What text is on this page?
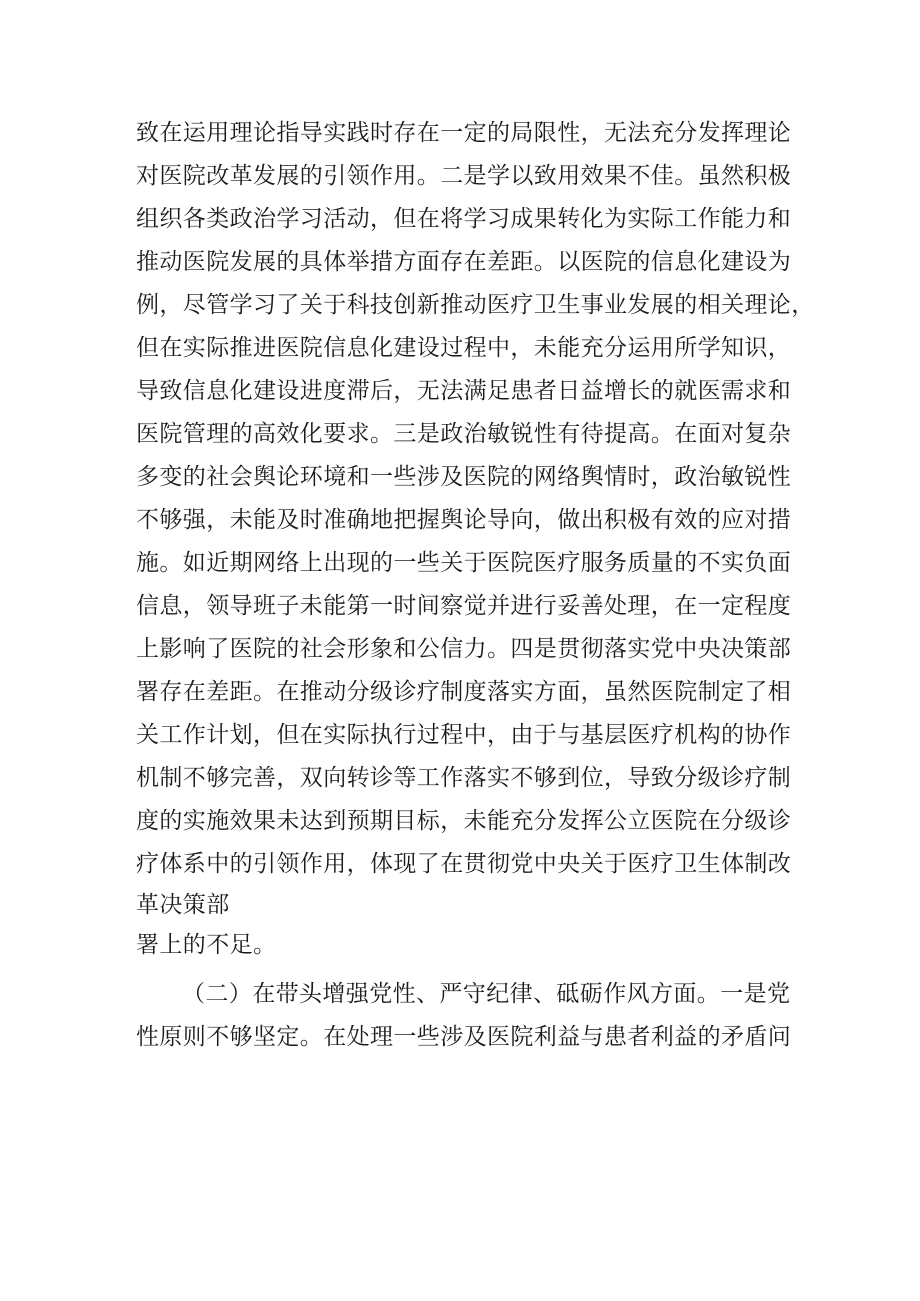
致在运用理论指导实践时存在一定的局限性，无法充分发挥理论
对医院改革发展的引领作用。二是学以致用效果不佳。虽然积极
组织各类政治学习活动，但在将学习成果转化为实际工作能力和
推动医院发展的具体举措方面存在差距。以医院的信息化建设为
例，尽管学习了关于科技创新推动医疗卫生事业发展的相关理论，
但在实际推进医院信息化建设过程中，未能充分运用所学知识，
导致信息化建设进度滞后，无法满足患者日益增长的就医需求和
医院管理的高效化要求。三是政治敏锐性有待提高。在面对复杂
多变的社会舆论环境和一些涉及医院的网络舆情时，政治敏锐性
不够强，未能及时准确地把握舆论导向，做出积极有效的应对措
施。如近期网络上出现的一些关于医院医疗服务质量的不实负面
信息，领导班子未能第一时间察觉并进行妥善处理，在一定程度
上影响了医院的社会形象和公信力。四是贯彻落实党中央决策部
署存在差距。在推动分级诊疗制度落实方面，虽然医院制定了相
关工作计划，但在实际执行过程中，由于与基层医疗机构的协作
机制不够完善，双向转诊等工作落实不够到位，导致分级诊疗制
度的实施效果未达到预期目标，未能充分发挥公立医院在分级诊
疗体系中的引领作用，体现了在贯彻党中央关于医疗卫生体制改
革决策部
署上的不足。
（二）在带头增强党性、严守纪律、砥砺作风方面。一是党
性原则不够坚定。在处理一些涉及医院利益与患者利益的矛盾问
